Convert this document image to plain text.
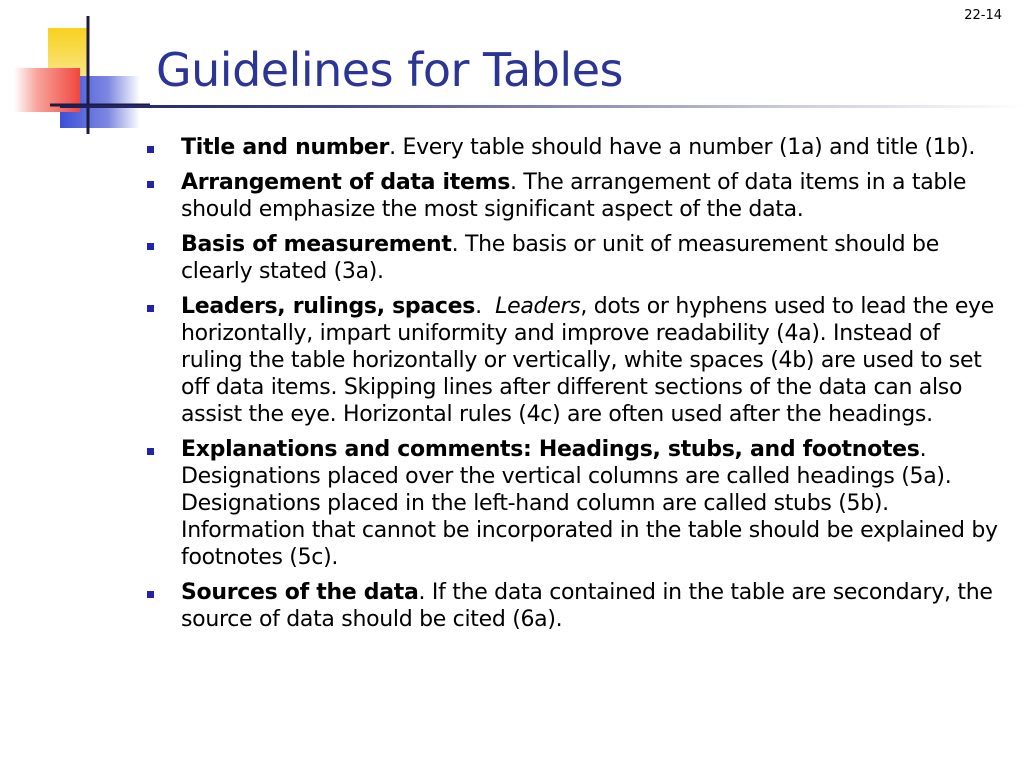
22-14
Guidelines for Tables
Title and number. Every table should have a number (1a) and title (1b).
Arrangement of data items. The arrangement of data items in a table should emphasize the most significant aspect of the data.
Basis of measurement. The basis or unit of measurement should be clearly stated (3a).
Leaders, rulings, spaces.  Leaders, dots or hyphens used to lead the eye horizontally, impart uniformity and improve readability (4a). Instead of ruling the table horizontally or vertically, white spaces (4b) are used to set off data items. Skipping lines after different sections of the data can also assist the eye. Horizontal rules (4c) are often used after the headings.
Explanations and comments: Headings, stubs, and footnotes. Designations placed over the vertical columns are called headings (5a). Designations placed in the left-hand column are called stubs (5b). Information that cannot be incorporated in the table should be explained by footnotes (5c).
Sources of the data. If the data contained in the table are secondary, the source of data should be cited (6a).
